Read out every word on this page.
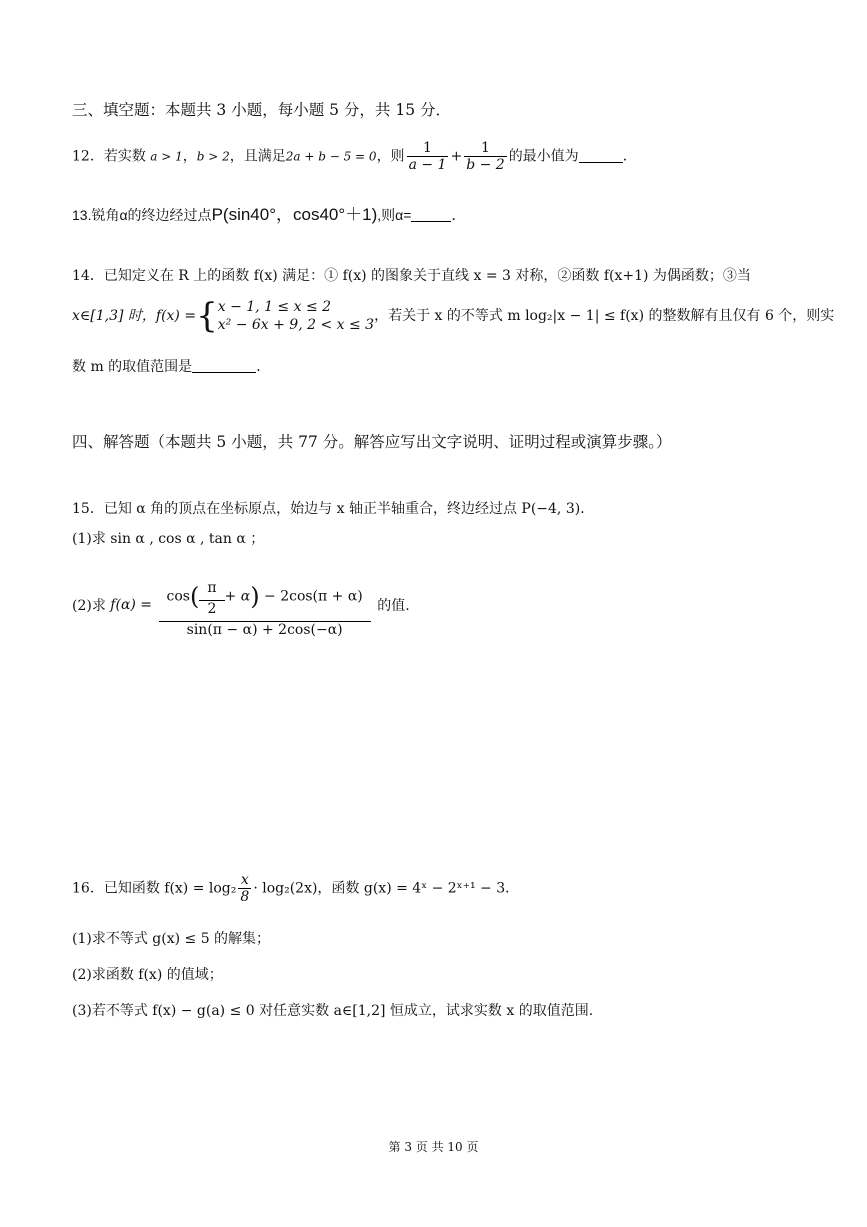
三、填空题：本题共 3 小题，每小题 5 分，共 15 分．
12．若实数 a > 1，b > 2，且满足2a + b − 5 = 0，则 $\frac{1}{a - 1} + \frac{1}{b - 2}$ 的最小值为	．
13.锐角α的终边经过点P(sin40°，cos40°＋1),则α=	．
14．已知定义在 R 上的函数 f(x) 满足：① f(x) 的图象关于直线 x = 3 对称，②函数 f(x+1) 为偶函数；③当
x∈[1,3] 时，f(x) ={ x − 1, 1 ≤ x ≤ 2
x² − 6x + 9, 2 < x ≤ 3
，若关于 x 的不等式 m log₂|x − 1| ≤ f(x) 的整数解有且仅有 6 个，则实
数 m 的取值范围是	．
四、解答题（本题共 5 小题，共 77 分。解答应写出文字说明、证明过程或演算步骤。）
15．已知 α 角的顶点在坐标原点，始边与 x 轴正半轴重合，终边经过点 P(−4, 3)．
(1)求 sin α , cos α , tan α ；
(2)求 $f(\alpha) = \frac{\cos( \frac{\pi}{2} + \alpha) - 2\cos(\pi + \alpha)}{\sin(\pi - \alpha) + 2\cos(-\alpha)}$ 的值.
16．已知函数 $f(x) = \log_2 \frac{x}{8} \cdot \log_2(2x)$，函数 g(x) = 4ˣ − 2ˣ⁺¹ − 3．
(1)求不等式 g(x) ≤ 5 的解集；
(2)求函数 f(x) 的值域；
(3)若不等式 f(x) − g(a) ≤ 0 对任意实数 a∈[1,2] 恒成立，试求实数 x 的取值范围.
第 3 页 共 10 页
